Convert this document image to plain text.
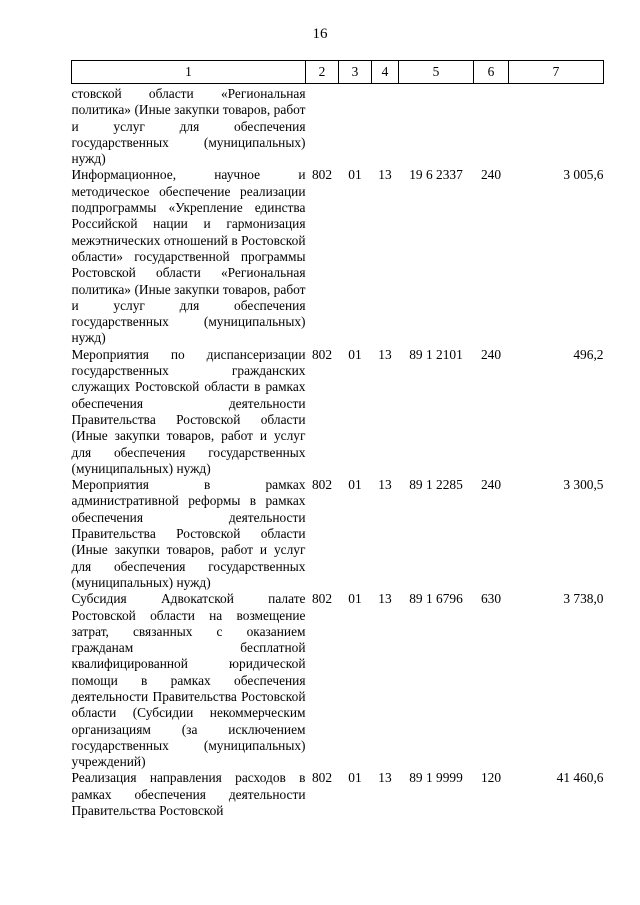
16
1	2	3	4	5	6	7
стовской области «Региональная политика» (Иные закупки товаров, работ и услуг для обеспечения государственных (муниципальных) нужд)						
Информационное, научное и методическое обеспечение реализации подпрограммы «Укрепление единства Российской нации и гармонизация межэтнических отношений в Ростовской области» государственной программы Ростовской области «Региональная политика» (Иные закупки товаров, работ и услуг для обеспечения государственных (муниципальных) нужд)	802	01	13	19 6 2337	240	3 005,6
Мероприятия по диспансеризации государственных гражданских служащих Ростовской области в рамках обеспечения деятельности Правительства Ростовской области (Иные закупки товаров, работ и услуг для обеспечения государственных (муниципальных) нужд)	802	01	13	89 1 2101	240	496,2
Мероприятия в рамках административной реформы в рамках обеспечения деятельности Правительства Ростовской области (Иные закупки товаров, работ и услуг для обеспечения государственных (муниципальных) нужд)	802	01	13	89 1 2285	240	3 300,5
Субсидия Адвокатской палате Ростовской области на возмещение затрат, связанных с оказанием гражданам бесплатной квалифицированной юридической помощи в рамках обеспечения деятельности Правительства Ростовской области (Субсидии некоммерческим организациям (за исключением государственных (муниципальных) учреждений)	802	01	13	89 1 6796	630	3 738,0
Реализация направления расходов в рамках обеспечения деятельности Правительства Ростовской	802	01	13	89 1 9999	120	41 460,6
